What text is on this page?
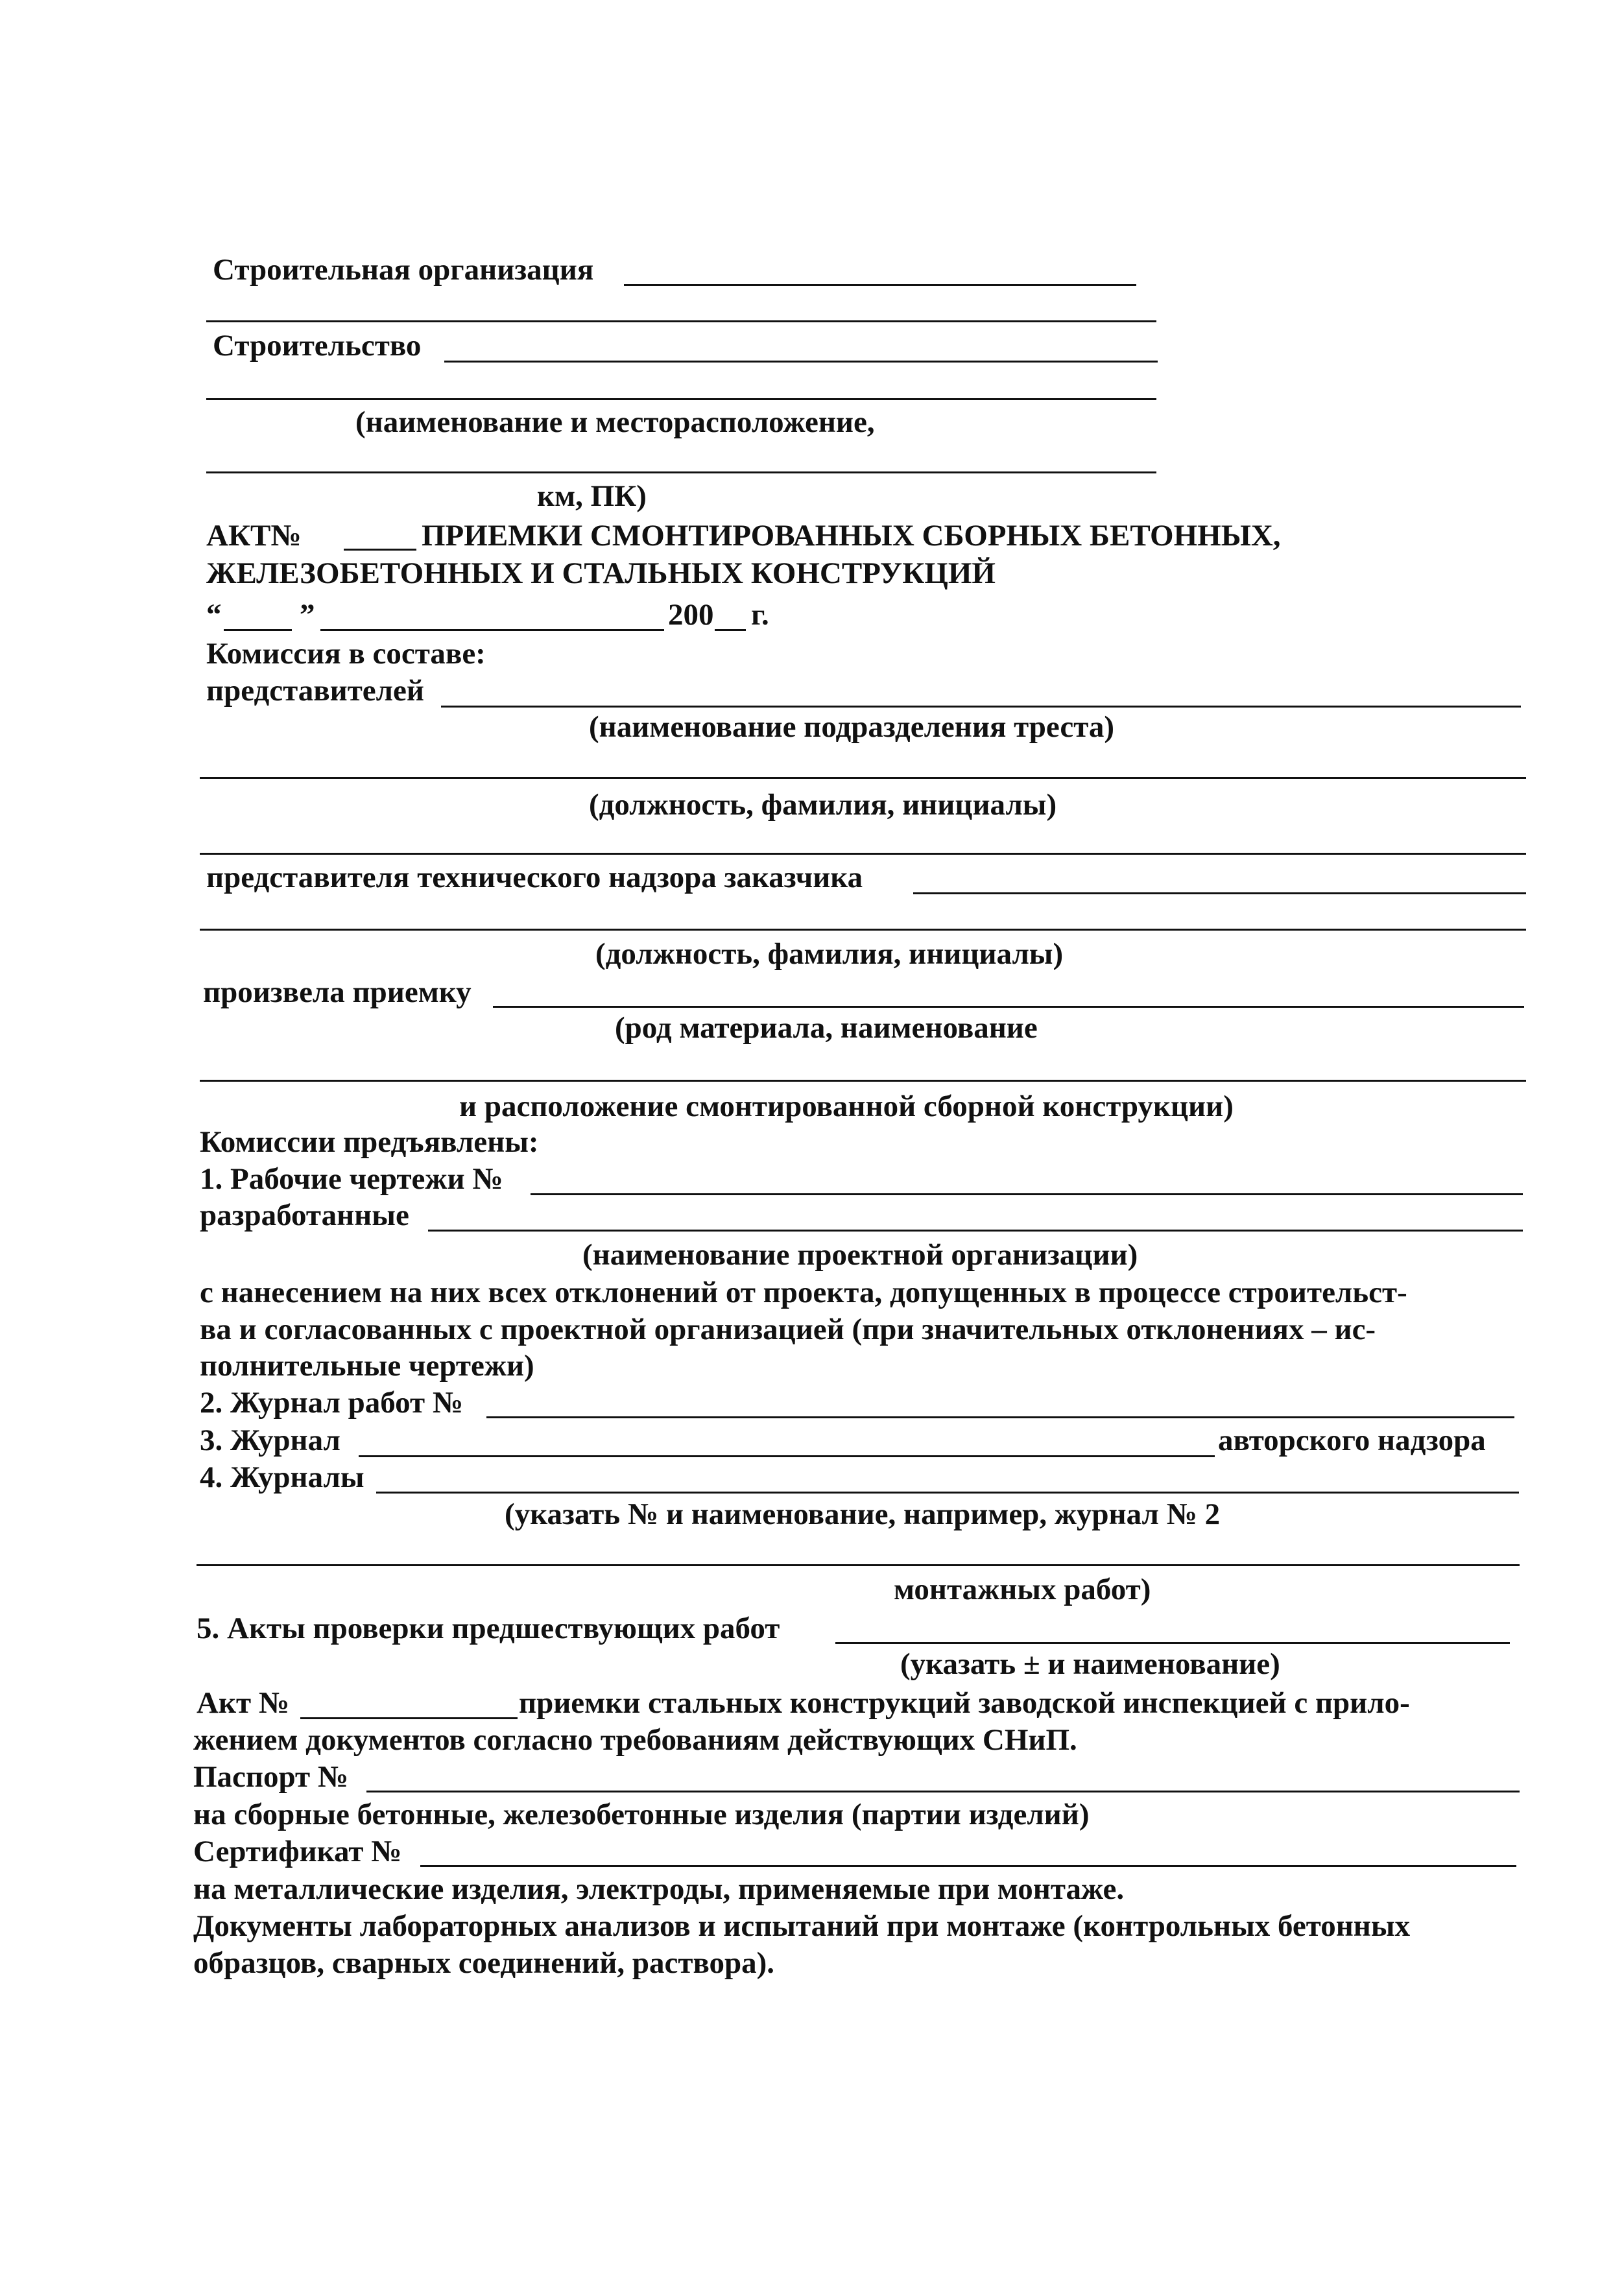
Строительная организация
Строительство
(наименование и месторасположение,
км, ПК)
АКТ№	ПРИЕМКИ СМОНТИРОВАННЫХ СБОРНЫХ БЕТОННЫХ,
ЖЕЛЕЗОБЕТОННЫХ И СТАЛЬНЫХ КОНСТРУКЦИЙ
“	”	200 г.
Комиссия в составе:
представителей
(наименование подразделения треста)
(должность, фамилия, инициалы)
представителя технического надзора заказчика
(должность, фамилия, инициалы)
произвела приемку
(род материала, наименование
и расположение смонтированной сборной конструкции)
Комиссии предъявлены:
1. Рабочие чертежи №
разработанные
(наименование проектной организации)
с нанесением на них всех отклонений от проекта, допущенных в процессе строительст-
ва и согласованных с проектной организацией (при значительных отклонениях – ис-
полнительные чертежи)
2. Журнал работ №
3. Журнал	авторского надзора
4. Журналы
(указать № и наименование, например, журнал № 2
монтажных работ)
5. Акты проверки предшествующих работ
(указать ± и наименование)
Акт №	приемки стальных конструкций заводской инспекцией с прило-
жением документов согласно требованиям действующих СНиП.
Паспорт №
на сборные бетонные, железобетонные изделия (партии изделий)
Сертификат №
на металлические изделия, электроды, применяемые при монтаже.
Документы лабораторных анализов и испытаний при монтаже (контрольных бетонных
образцов, сварных соединений, раствора).
